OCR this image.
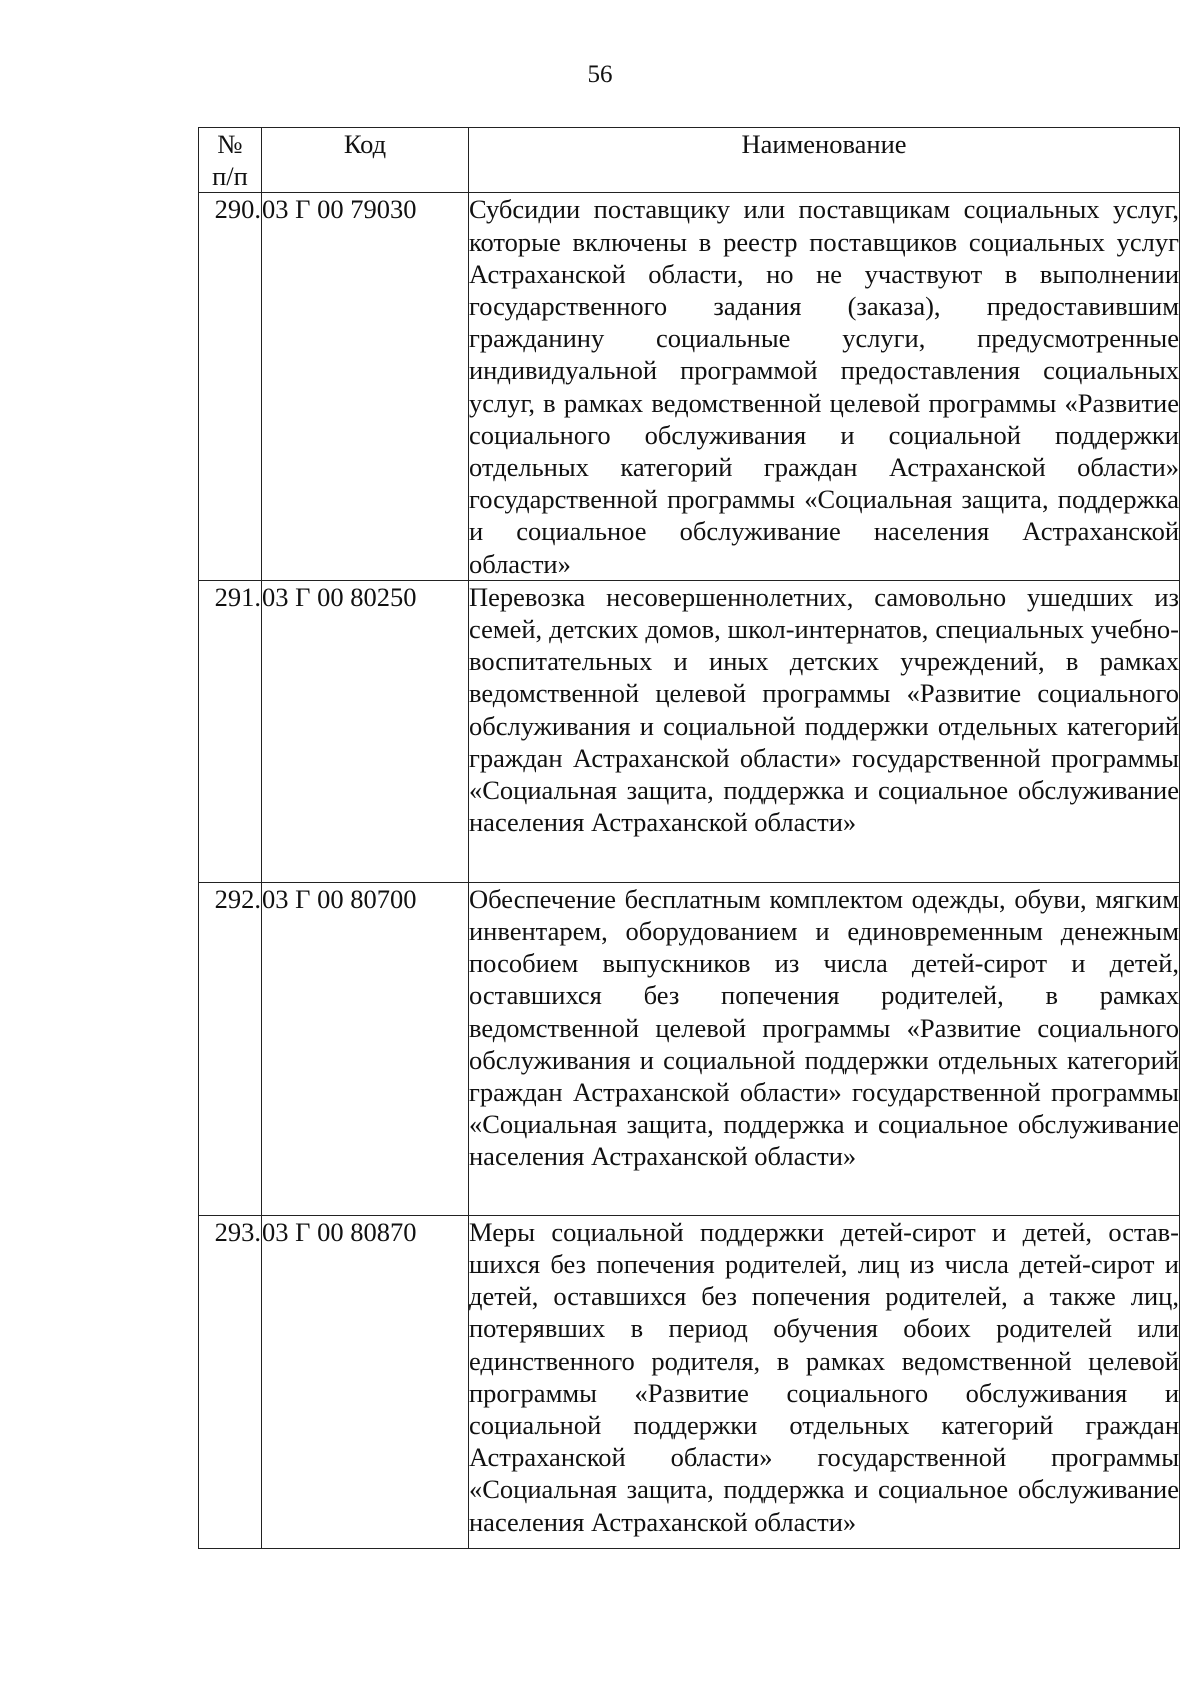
56
№
п/п	Код	Наименование
290.	03 Г 00 79030	Субсидии поставщику или поставщикам социальных услуг, которые включены в реестр поставщиков социальных услуг Астраханской области, но не участвуют в выполнении государственного задания (заказа), предоставившим гражданину социальные услуги, предусмотренные индивидуальной программой предоставления социальных услуг, в рамках ведомственной целевой программы «Развитие социального обслуживания и социальной поддержки отдельных категорий граждан Астраханской области» государственной программы «Социальная защита, поддержка и социальное обслуживание населения Астраханской области»
291.	03 Г 00 80250	Перевозка несовершеннолетних, самовольно ушедших из семей, детских домов, школ-интернатов, специальных учебно-воспитательных и иных детских учреждений, в рамках ведомственной целевой программы «Развитие социального обслуживания и социальной поддержки отдельных категорий граждан Астраханской области» государственной программы «Социальная защита, поддержка и социальное обслуживание населения Астраханской области»
292.	03 Г 00 80700	Обеспечение бесплатным комплектом одежды, обуви, мягким инвентарем, оборудованием и единовременным денежным пособием выпускников из числа детей-сирот и детей, оставшихся без попечения родителей, в рамках ведомственной целевой программы «Развитие социального обслуживания и социальной поддержки отдельных категорий граждан Астраханской области» государственной программы «Социальная защита, поддержка и социальное обслуживание населения Астраханской области»
293.	03 Г 00 80870	Меры социальной поддержки детей-сирот и детей, оставшихся без попечения родителей, лиц из числа детей-сирот и детей, оставшихся без попечения родителей, а также лиц, потерявших в период обучения обоих родителей или единственного родителя, в рамках ведомственной целевой программы «Развитие социального обслуживания и социальной поддержки отдельных категорий граждан Астраханской области» государственной программы «Социальная защита, поддержка и социальное обслуживание населения Астраханской области»
